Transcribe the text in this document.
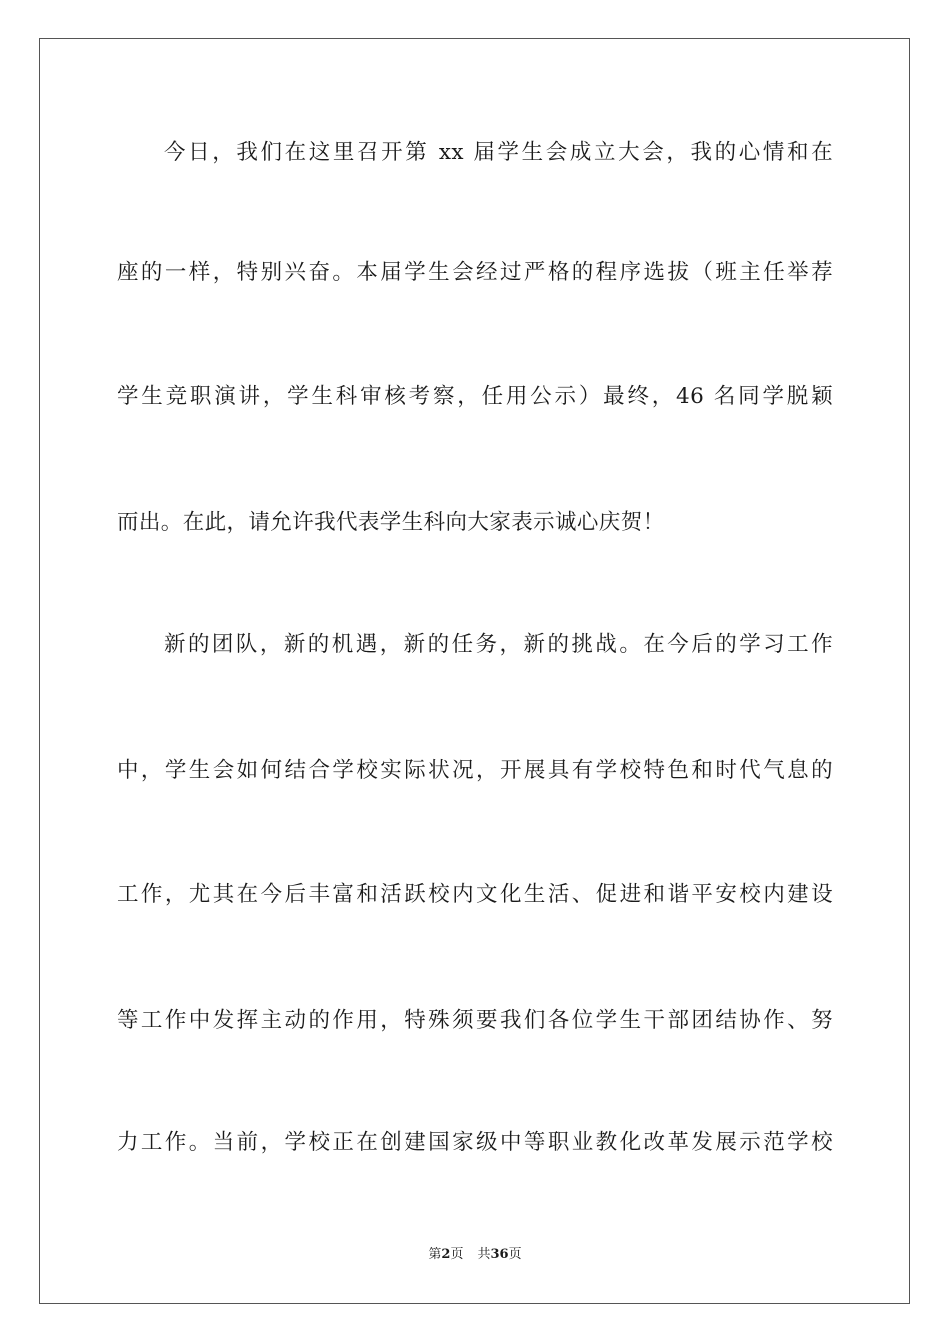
今日，我们在这里召开第 xx 届学生会成立大会，我的心情和在
座的一样，特别兴奋。本届学生会经过严格的程序选拔（班主任举荐
学生竞职演讲，学生科审核考察，任用公示）最终，46 名同学脱颖
而出。在此，请允许我代表学生科向大家表示诚心庆贺！
新的团队，新的机遇，新的任务，新的挑战。在今后的学习工作
中，学生会如何结合学校实际状况，开展具有学校特色和时代气息的
工作，尤其在今后丰富和活跃校内文化生活、促进和谐平安校内建设
等工作中发挥主动的作用，特殊须要我们各位学生干部团结协作、努
力工作。当前，学校正在创建国家级中等职业教化改革发展示范学校
第2页 共36页
